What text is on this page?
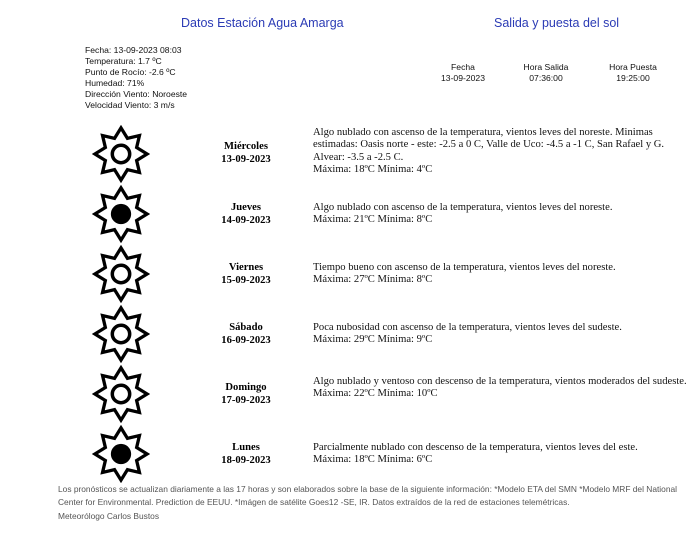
Datos Estación Agua Amarga	Salida y puesta del sol
Fecha: 13-09-2023 08:03
Temperatura: 1.7 ºC
Punto de Rocío: -2.6 ºC
Humedad: 71%
Dirección Viento: Noroeste
Velocidad Viento: 3 m/s
Fecha
13-09-2023
Hora Salida
07:36:00
Hora Puesta
19:25:00
Miércoles
13-09-2023
Algo nublado con ascenso de la temperatura, vientos leves del noreste. Minimas estimadas: Oasis norte - este: -2.5 a 0 C, Valle de Uco: -4.5 a -1 C, San Rafael y G. Alvear: -3.5 a -2.5 C.
Máxima: 18ºC Mínima: 4ºC
Jueves
14-09-2023
Algo nublado con ascenso de la temperatura, vientos leves del noreste.
Máxima: 21ºC Mínima: 8ºC
Viernes
15-09-2023
Tiempo bueno con ascenso de la temperatura, vientos leves del noreste.
Máxima: 27ºC Mínima: 8ºC
Sábado
16-09-2023
Poca nubosidad con ascenso de la temperatura, vientos leves del sudeste.
Máxima: 29ºC Mínima: 9ºC
Domingo
17-09-2023
Algo nublado y ventoso con descenso de la temperatura, vientos moderados del sudeste.
Máxima: 22ºC Mínima: 10ºC
Lunes
18-09-2023
Parcialmente nublado con descenso de la temperatura, vientos leves del este.
Máxima: 18ºC Mínima: 6ºC
Los pronósticos se actualizan diariamente a las 17 horas y son elaborados sobre la base de la siguiente información: *Modelo ETA del SMN *Modelo MRF del National Center for Environmental. Prediction de EEUU. *Imágen de satélite Goes12 -SE, IR. Datos extraídos de la red de estaciones telemétricas.
Meteorólogo Carlos Bustos
